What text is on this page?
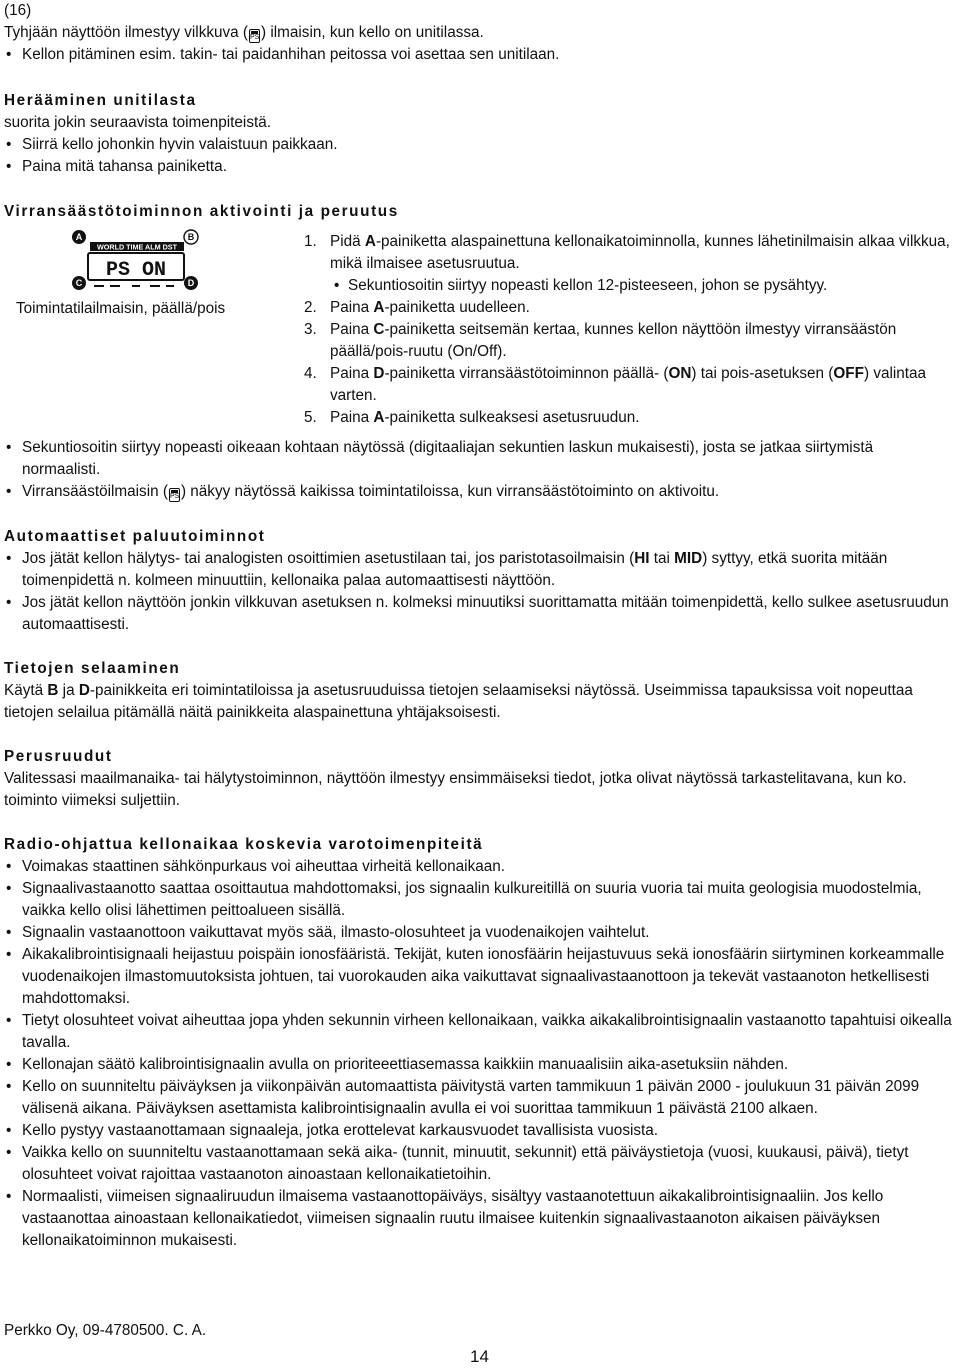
(16)

Tyhjään näyttöön ilmestyy vilkkuva ( PS ) ilmaisin, kun kello on unitilassa.

• Kellon pitäminen esim. takin- tai paidanhihan peitossa voi asettaa sen unitilaan.

Herääminen unitilasta

suorita jokin seuraavista toimenpiteistä.

• Siirrä kello johonkin hyvin valaistuun paikkaan.

• Paina mitä tahansa painiketta.

Virransäästötoiminnon aktivointi ja peruutus

A	B
C	D
WORLD TIME ALM DST
PS ON
Toimintatilailmaisin, päällä/pois

1. Pidä A-painiketta alaspainettuna kellonaikatoiminnolla, kunnes lähetinilmaisin alkaa vilkkua, mikä ilmaisee asetusruutua.

• Sekuntiosoitin siirtyy nopeasti kellon 12-pisteeseen, johon se pysähtyy.

2. Paina A-painiketta uudelleen.

3. Paina C-painiketta seitsemän kertaa, kunnes kellon näyttöön ilmestyy virransäästön päällä/pois-ruutu (On/Off).

4. Paina D-painiketta virransäästötoiminnon päällä- (ON) tai pois-asetuksen (OFF) valintaa varten.

5. Paina A-painiketta sulkeaksesi asetusruudun.

• Sekuntiosoitin siirtyy nopeasti oikeaan kohtaan näytössä (digitaaliajan sekuntien laskun mukaisesti), josta se jatkaa siirtymistä normaalisti.

• Virransäästöilmaisin ( PS ) näkyy näytössä kaikissa toimintatiloissa, kun virransäästötoiminto on aktivoitu.

Automaattiset paluutoiminnot

• Jos jätät kellon hälytys- tai analogisten osoittimien asetustilaan tai, jos paristotasoilmaisin (HI tai MID) syttyy, etkä suorita mitään toimenpidettä n. kolmeen minuuttiin, kellonaika palaa automaattisesti näyttöön.

• Jos jätät kellon näyttöön jonkin vilkkuvan asetuksen n. kolmeksi minuutiksi suorittamatta mitään toimenpidettä, kello sulkee asetusruudun automaattisesti.

Tietojen selaaminen

Käytä B ja D-painikkeita eri toimintatiloissa ja asetusruuduissa tietojen selaamiseksi näytössä. Useimmissa tapauksissa voit nopeuttaa tietojen selailua pitämällä näitä painikkeita alaspainettuna yhtäjaksoisesti.

Perusruudut

Valitessasi maailmanaika- tai hälytystoiminnon, näyttöön ilmestyy ensimmäiseksi tiedot, jotka olivat näytössä tarkastelitavana, kun ko. toiminto viimeksi suljettiin.

Radio-ohjattua kellonaikaa koskevia varotoimenpiteitä

• Voimakas staattinen sähkönpurkaus voi aiheuttaa virheitä kellonaikaan.

• Signaalivastaanotto saattaa osoittautua mahdottomaksi, jos signaalin kulkureitillä on suuria vuoria tai muita geologisia muodostelmia, vaikka kello olisi lähettimen peittoalueen sisällä.

• Signaalin vastaanottoon vaikuttavat myös sää, ilmasto-olosuhteet ja vuodenaikojen vaihtelut.

• Aikakalibrointisignaali heijastuu poispäin ionosfääristä. Tekijät, kuten ionosfäärin heijastuvuus sekä ionosfäärin siirtyminen korkeammalle vuodenaikojen ilmastomuutoksista johtuen, tai vuorokauden aika vaikuttavat signaalivastaanottoon ja tekevät vastaanoton hetkellisesti mahdottomaksi.

• Tietyt olosuhteet voivat aiheuttaa jopa yhden sekunnin virheen kellonaikaan, vaikka aikakalibrointisignaalin vastaanotto tapahtuisi oikealla tavalla.

• Kellonajan säätö kalibrointisignaalin avulla on prioriteeettiasemassa kaikkiin manuaalisiin aika-asetuksiin nähden.

• Kello on suunniteltu päiväyksen ja viikonpäivän automaattista päivitystä varten tammikuun 1 päivän 2000 - joulukuun 31 päivän 2099 välisenä aikana. Päiväyksen asettamista kalibrointisignaalin avulla ei voi suorittaa tammikuun 1 päivästä 2100 alkaen.

• Kello pystyy vastaanottamaan signaaleja, jotka erottelevat karkausvuodet tavallisista vuosista.

• Vaikka kello on suunniteltu vastaanottamaan sekä aika- (tunnit, minuutit, sekunnit) että päiväystietoja (vuosi, kuukausi, päivä), tietyt olosuhteet voivat rajoittaa vastaanoton ainoastaan kellonaikatietoihin.

• Normaalisti, viimeisen signaaliruudun ilmaisema vastaanottopäiväys, sisältyy vastaanotettuun aikakalibrointisignaaliin. Jos kello vastaanottaa ainoastaan kellonaikatiedot, viimeisen signaalin ruutu ilmaisee kuitenkin signaalivastaanoton aikaisen päiväyksen kellonaikatoiminnon mukaisesti.

Perkko Oy, 09-4780500. C. A.
14
